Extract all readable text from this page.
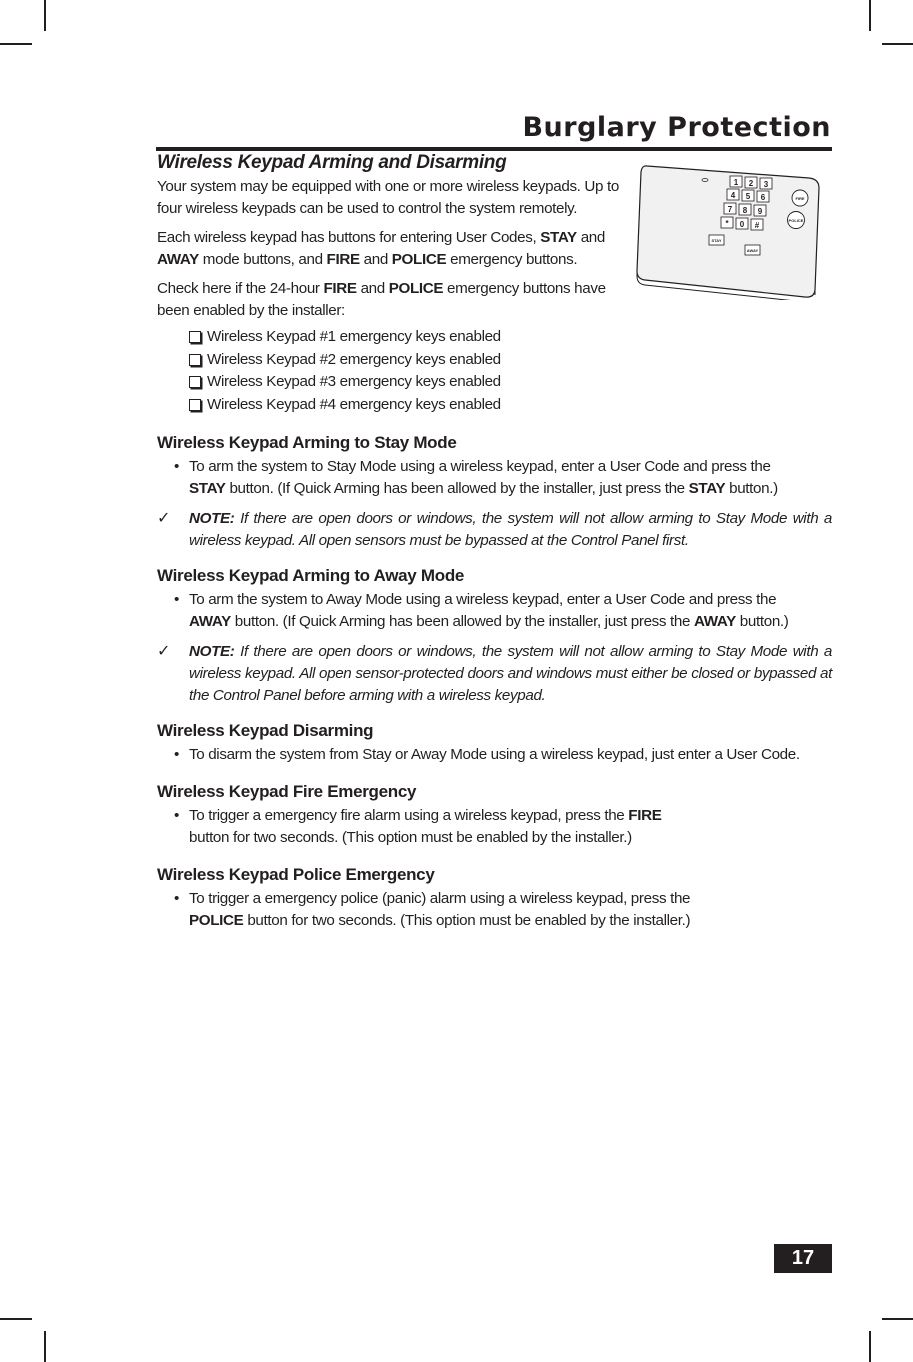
Burglary Protection
1 2 3
4 5 6
7 8 9
* 0 #
STAY
AWAY
FIRE
POLICE
Wireless Keypad Arming and Disarming

Your system may be equipped with one or more wireless keypads. Up to four wireless keypads can be used to control the system remotely.

Each wireless keypad has buttons for entering User Codes, STAY and
AWAY mode buttons, and FIRE and POLICE emergency buttons.

Check here if the 24-hour FIRE and POLICE emergency buttons have been enabled by the installer:

Wireless Keypad #1 emergency keys enabled
Wireless Keypad #2 emergency keys enabled
Wireless Keypad #3 emergency keys enabled
Wireless Keypad #4 emergency keys enabled
Wireless Keypad Arming to Stay Mode
• To arm the system to Stay Mode using a wireless keypad, enter a User Code and press the
STAY button. (If Quick Arming has been allowed by the installer, just press the STAY button.)
✓ NOTE: If there are open doors or windows, the system will not allow arming to Stay Mode with a wireless keypad. All open sensors must be bypassed at the Control Panel first.
Wireless Keypad Arming to Away Mode
• To arm the system to Away Mode using a wireless keypad, enter a User Code and press the
AWAY button. (If Quick Arming has been allowed by the installer, just press the AWAY button.)
✓ NOTE: If there are open doors or windows, the system will not allow arming to Stay Mode with a wireless keypad. All open sensor-protected doors and windows must either be closed or bypassed at the Control Panel before arming with a wireless keypad.
Wireless Keypad Disarming
• To disarm the system from Stay or Away Mode using a wireless keypad, just enter a User Code.
Wireless Keypad Fire Emergency
• To trigger a emergency fire alarm using a wireless keypad, press the FIRE
button for two seconds. (This option must be enabled by the installer.)
Wireless Keypad Police Emergency
• To trigger a emergency police (panic) alarm using a wireless keypad, press the
POLICE button for two seconds. (This option must be enabled by the installer.)
17
